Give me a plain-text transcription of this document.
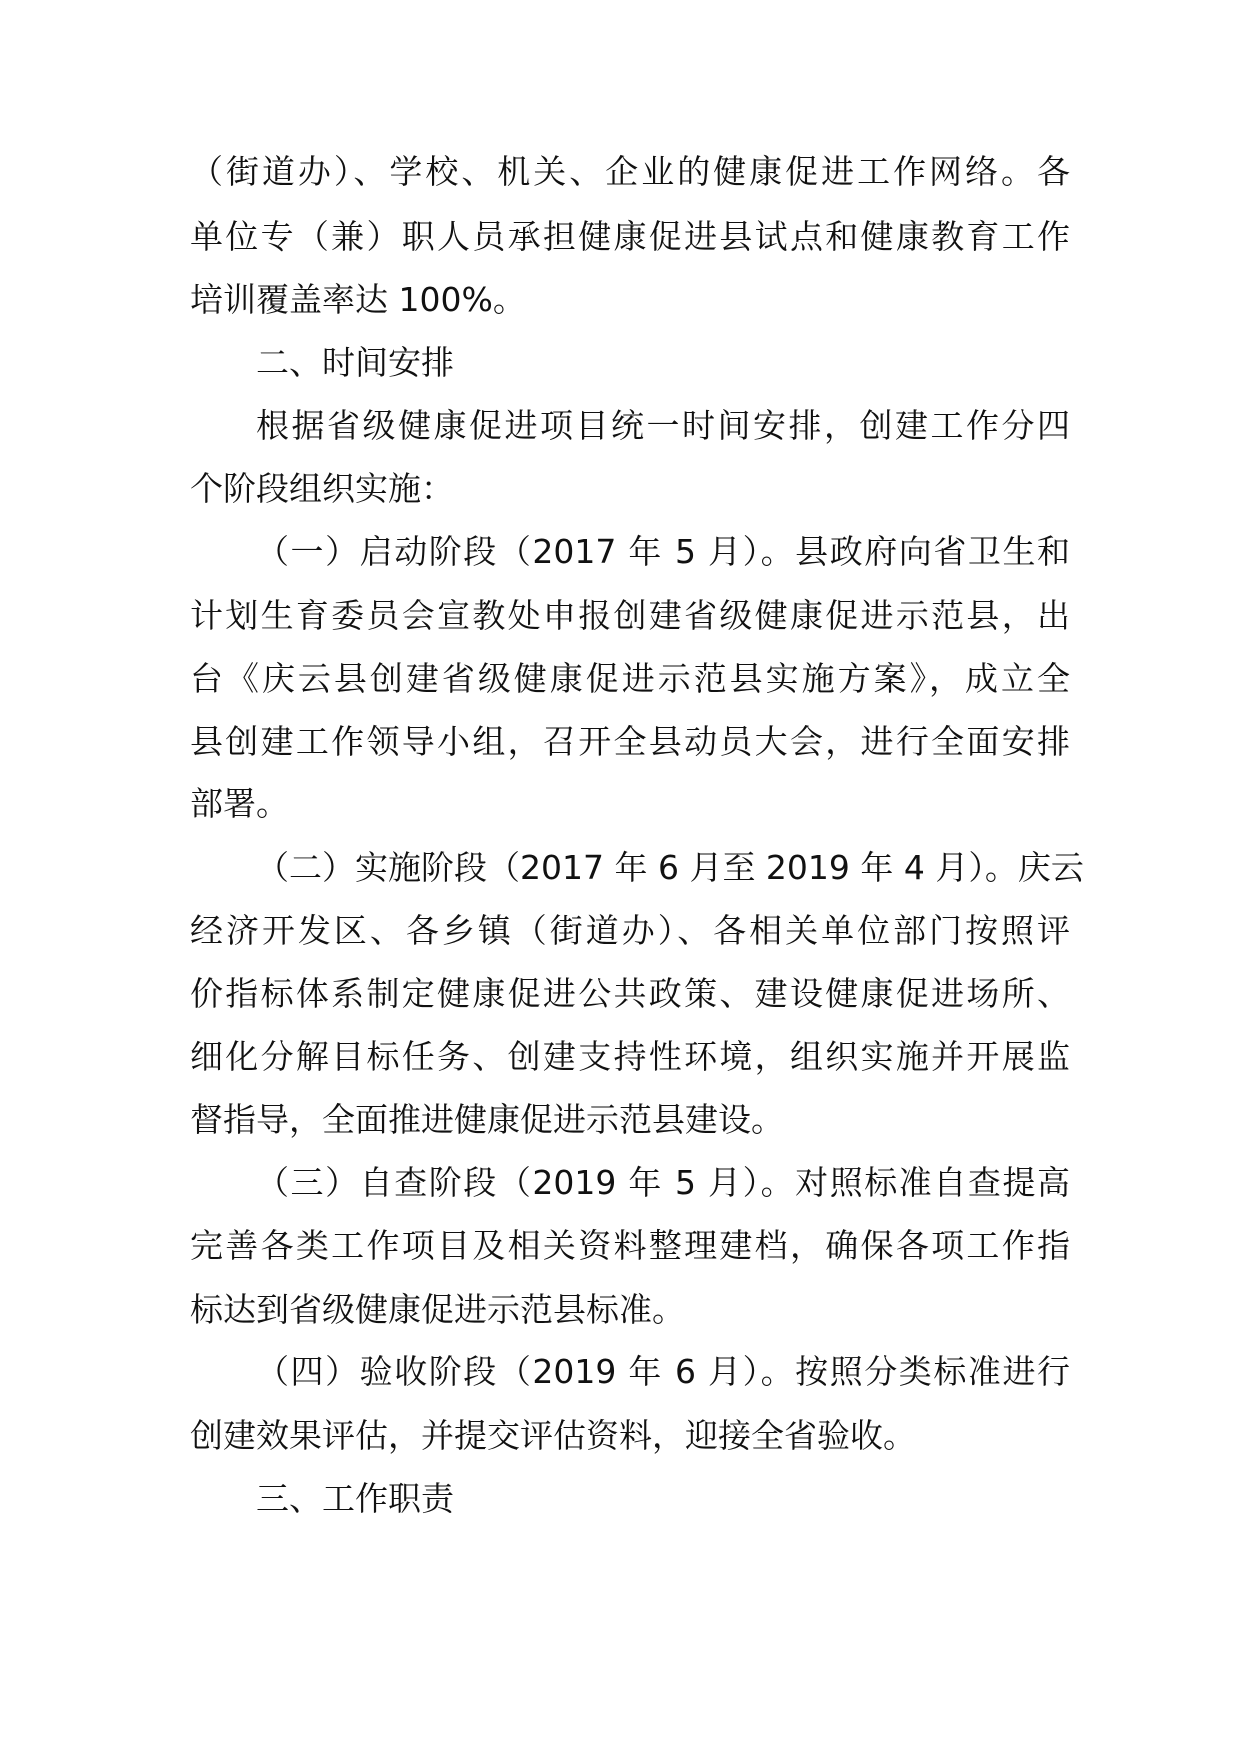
（街道办）、学校、机关、企业的健康促进工作网络。各
单位专（兼）职人员承担健康促进县试点和健康教育工作
培训覆盖率达 100%。
二、时间安排
根据省级健康促进项目统一时间安排，创建工作分四
个阶段组织实施：
（一）启动阶段（2017 年 5 月）。县政府向省卫生和
计划生育委员会宣教处申报创建省级健康促进示范县，出
台《庆云县创建省级健康促进示范县实施方案》，成立全
县创建工作领导小组，召开全县动员大会，进行全面安排
部署。
（二）实施阶段（2017 年 6 月至 2019 年 4 月）。庆云
经济开发区、各乡镇（街道办）、各相关单位部门按照评
价指标体系制定健康促进公共政策、建设健康促进场所、
细化分解目标任务、创建支持性环境，组织实施并开展监
督指导，全面推进健康促进示范县建设。
（三）自查阶段（2019 年 5 月）。对照标准自查提高
完善各类工作项目及相关资料整理建档，确保各项工作指
标达到省级健康促进示范县标准。
（四）验收阶段（2019 年 6 月）。按照分类标准进行
创建效果评估，并提交评估资料，迎接全省验收。
三、工作职责
